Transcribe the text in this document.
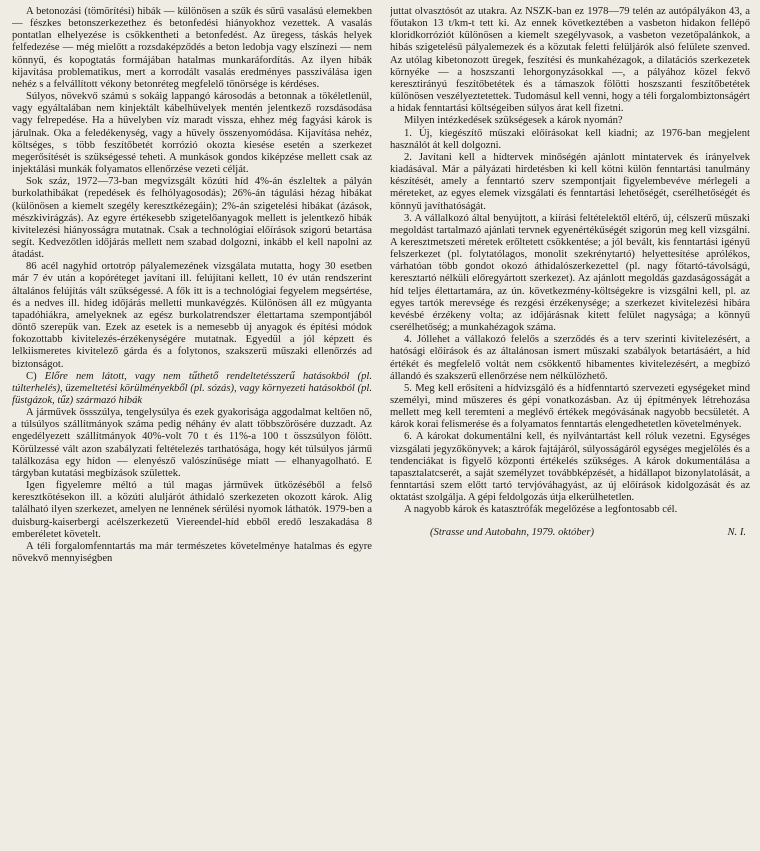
A betonozási (tömörítési) hibák — különösen a szűk és sűrű vasalású elemekben — fészkes betonszerkezethez és betonfedési hiányokhoz vezettek. A vasalás pontatlan elhelyezése is csökkentheti a betonfedést. Az üregess, táskás helyek felfedezése — még mielőtt a rozsdaképződés a beton ledobja vagy elszínezi — nem könnyű, és kopogtatás formájában hatalmas munkaráfordítás. Az ilyen hibák kijavítása problematikus, mert a korrodált vasalás eredményes passziválása igen nehéz s a felvállított vékony betonréteg megfelelő tönörsége is kérdéses.

Súlyos, növekvő számú s sokáig lappangó károsodás a betonnak a tökéletlenül, vagy egyáltalában nem kinjektált kábelhüvelyek mentén jelentkező rozsdásodása vagy felrepedése. Ha a hüvelyben víz maradt vissza, ehhez még fagyási károk is járulnak. Oka a feledékenység, vagy a hüvely összenyomódása. Kijavítása nehéz, költséges, s több feszítőbetét korrózió okozta kiesése esetén a szerkezet megerősítését is szükségessé teheti. A munkások gondos kiképzése mellett csak az injektálási munkák folyamatos ellenőrzése vezeti célját.

Sok száz, 1972—73-ban megvizsgált közúti híd 4%-án észleltek a pályán burkolathibákat (repedések és felhólyagosodás); 26%-án tágulási hézag hibákat (különösen a kiemelt szegély keresztkézegáin); 2%-án szigetelési hibákat (ázások, mészkivirágzás). Az egyre értékesebb szigetelőanyagok mellett is jelentkező hibák kivitelezési hiányosságra mutatnak. Csak a technológiai előírások szigorú betartása segít. Kedvezőtlen időjárás mellett nem szabad dolgozni, inkább el kell napolni az átadást.

86 acél nagyhíd ortotróp pályalemezének vizsgálata mutatta, hogy 30 esetben már 7 év után a kopóréteget javítani ill. felújítani kellett, 10 év után rendszerint általános felújítás vált szükségessé. A fők itt is a technológiai fegyelem megsértése, és a nedves ill. hideg időjárás melletti munkavégzés. Különösen áll ez mûgyanta tapadóhiákra, amelyeknek az egész burkolatrendszer élettartama szempontjából döntő szerepük van. Ezek az esetek is a nemesebb új anyagok és építési módok fokozottabb kivitelezés-érzékenységére mutatnak. Egyedül a jól képzett és lelkiismeretes kivitelező gárda és a folytonos, szakszerű műszaki ellenőrzés ad biztonságot.

C) Előre nem látott, vagy nem tűthető rendeltetésszerű hatásokból (pl. túlterhelés), üzemeltetési körülményekből (pl. sózás), vagy környezeti hatásokból (pl. füstgázok, tűz) származó hibák

A járművek össszúlya, tengelysúlya és ezek gyakorisága aggodalmat keltően nő, a túlsúlyos szállítmányok száma pedig néhány év alatt többszörösére duzzadt. Az engedélyezett szállítmányok 40%-volt 70 t és 11%-a 100 t összsúlyon fölött. Körülzessé vált azon szabályzati feltételezés tarthatósága, hogy két túlsúlyos jármű találkozása egy hídon — elenyésző valószínűsége miatt — elhanyagolható. E tárgyban kutatási megbízások születtek.

Igen figyelemre méltó a túl magas járművek ütközéséből a felső keresztkötésekon ill. a közúti aluljárót áthidaló szerkezeten okozott károk. Alig található ilyen szerkezet, amelyen ne lennének sérülési nyomok láthatók. 1979-ben a duisburg-kaiserbergi acélszerkezetű Viereendel-híd ebből eredő leszakadása 8 emberéletet követelt.

A téli forgalomfenntartás ma már természetes követelménye hatalmas és egyre növekvő mennyiségben

juttat olvasztósót az utakra. Az NSZK-ban ez 1978—79 telén az autópályákon 43, a főutakon 13 t/km-t tett ki. Az ennek következtében a vasbeton hidakon fellépő kloridkorróziót különösen a kiemelt szegélyvasok, a vasbeton vezetőpalánkok, a hibás szigetelésű pályalemezek és a közutak feletti felüljárók alsó felülete szenved. Az utólag kibetonozott üregek, feszítési és munkahézagok, a dilatációs szerkezetek környéke — a hoszszanti lehorgonyzásokkal —, a pályához közel fekvő keresztirányú feszítőbetétek és a támaszok fölötti hoszszanti feszítőbetétek különösen veszélyeztetettek. Tudomásul kell venni, hogy a téli forgalombiztonságért a hidak fenntartási költségeiben súlyos árat kell fizetni.

Milyen intézkedések szükségesek a károk nyomán?

1. Új, kiegészítő műszaki előírásokat kell kiadni; az 1976-ban megjelent használót át kell dolgozni.

2. Javítani kell a hídtervek minőségén ajánlott mintatervek és irányelvek kiadásával. Már a pályázati hirdetésben ki kell kötni külön fenntartási tanulmány készítését, amely a fenntartó szerv szempontjait figyelembevéve mérlegeli a méreteket, az egyes elemek vizsgálati és fenntartási lehetőségét, cserélhetőségét és könnyű javíthatóságát.

3. A vállalkozó által benyújtott, a kiírási feltételektől eltérő, új, célszerű műszaki megoldást tartalmazó ajánlati tervnek egyenértékűségét szigorún meg kell vizsgálni. A keresztmetszeti méretek erőltetett csökkentése; a jól bevált, kis fenntartási igényű felszerkezet (pl. folytatólagos, monolit szekrénytartó) helyettesítése aprólékos, várhatóan több gondot okozó áthidalószerkezettel (pl. nagy főtartó-távolságú, keresztartó nélküli előregyártott szerkezet). Az ajánlott megoldás gazdaságosságát a híd teljes élettartamára, az ún. következmény-költségekre is vizsgálni kell, pl. az egyes tartók merevsége és rezgési érzékenysége; a szerkezet kivitelezési hibára kevésbé érzékeny volta; az időjárásnak kitett felület nagysága; a könnyű cserélhetőség; a munkahézagok száma.

4. Jóllehet a vállakozó felelős a szerződés és a terv szerinti kivitelezésért, a hatósági előírások és az általánosan ismert műszaki szabályok betartásáért, a híd értékét és megfelelő voltát nem csökkentő hibamentes kivitelezésért, a megbízó állandó és szakszerű ellenőrzése nem nélkülözhető.

5. Meg kell erősíteni a hídvizsgáló és a hídfenntartó szervezeti egységeket mind személyi, mind műszeres és gépi vonatkozásban. Az új építmények létrehozása mellett meg kell teremteni a meglévő értékek megóvásának nagyobb becsületét. A károk korai felismerése és a folyamatos fenntartás elengedhetetlen követelmények.

6. A károkat dokumentálni kell, és nyilvántartást kell róluk vezetni. Egységes vizsgálati jegyzőkönyvek; a károk fajtájáról, súlyosságáról egységes megjelölés és a tendenciákat is figyelő központi értékelés szükséges. A károk dokumentálása a tapasztalatcserét, a saját személyzet továbbképzését, a hidállapot bizonylatolását, a fenntartási szem előtt tartó tervjóváhagyást, az új előírások kidolgozását és az oktatást szolgálja. A gépi feldolgozás útja elkerülhetetlen.

A nagyobb károk és katasztrófák megelőzése a legfontosabb cél.

(Strasse und Autobahn, 1979. október)	N. I.
